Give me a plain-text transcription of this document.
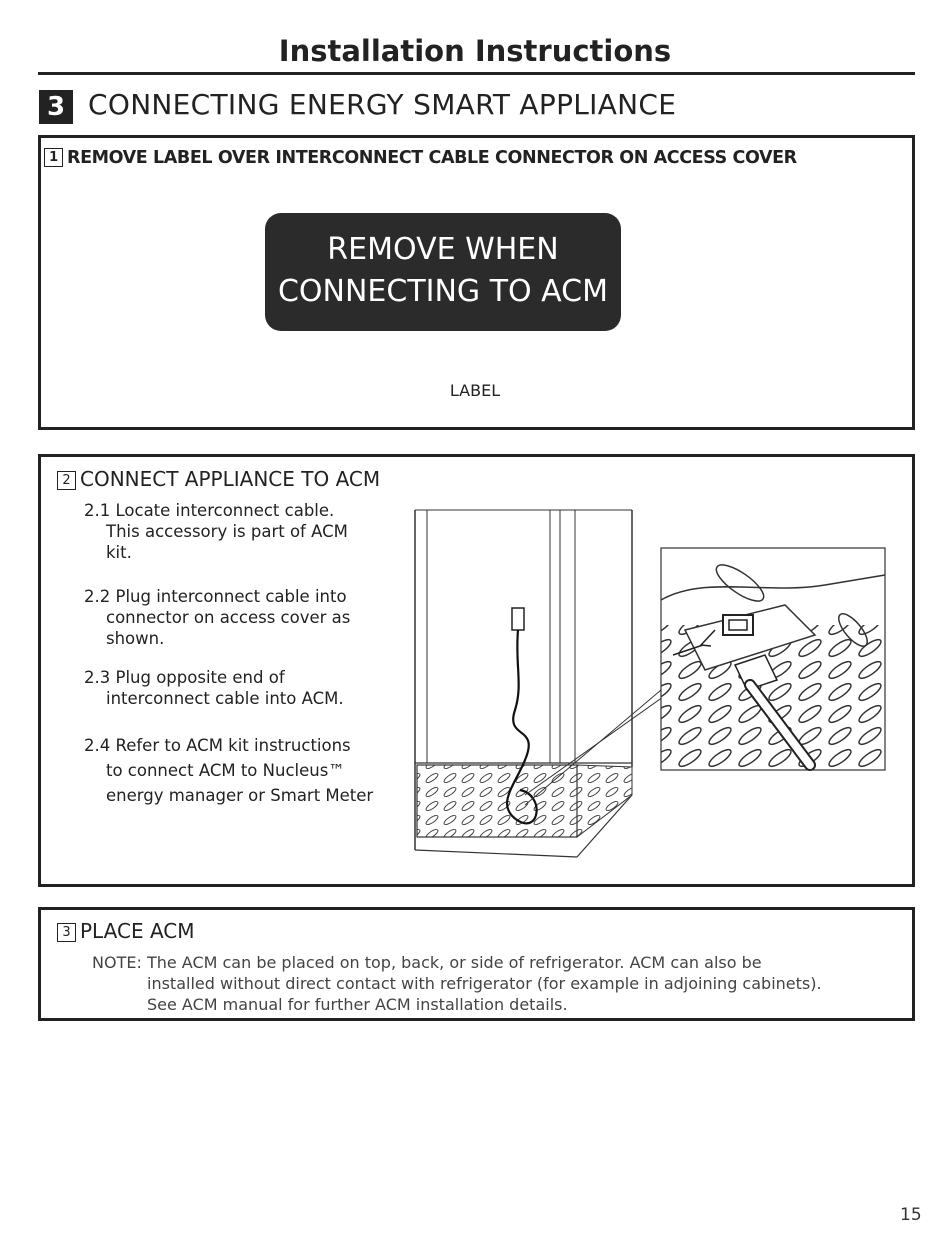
Installation Instructions
3 CONNECTING ENERGY SMART APPLIANCE
1 REMOVE LABEL OVER INTERCONNECT CABLE CONNECTOR ON ACCESS COVER
REMOVE WHEN
CONNECTING TO ACM
LABEL
2 CONNECT APPLIANCE TO ACM
2.1 Locate interconnect cable.
This accessory is part of ACM
kit.
2.2 Plug interconnect cable into
connector on access cover as
shown.
2.3 Plug opposite end of
interconnect cable into ACM.
2.4 Refer to ACM kit instructions
to connect ACM to Nucleus™
energy manager or Smart Meter
3 PLACE ACM
NOTE: The ACM can be placed on top, back, or side of refrigerator. ACM can also be
installed without direct contact with refrigerator (for example in adjoining cabinets).
See ACM manual for further ACM installation details.
15
